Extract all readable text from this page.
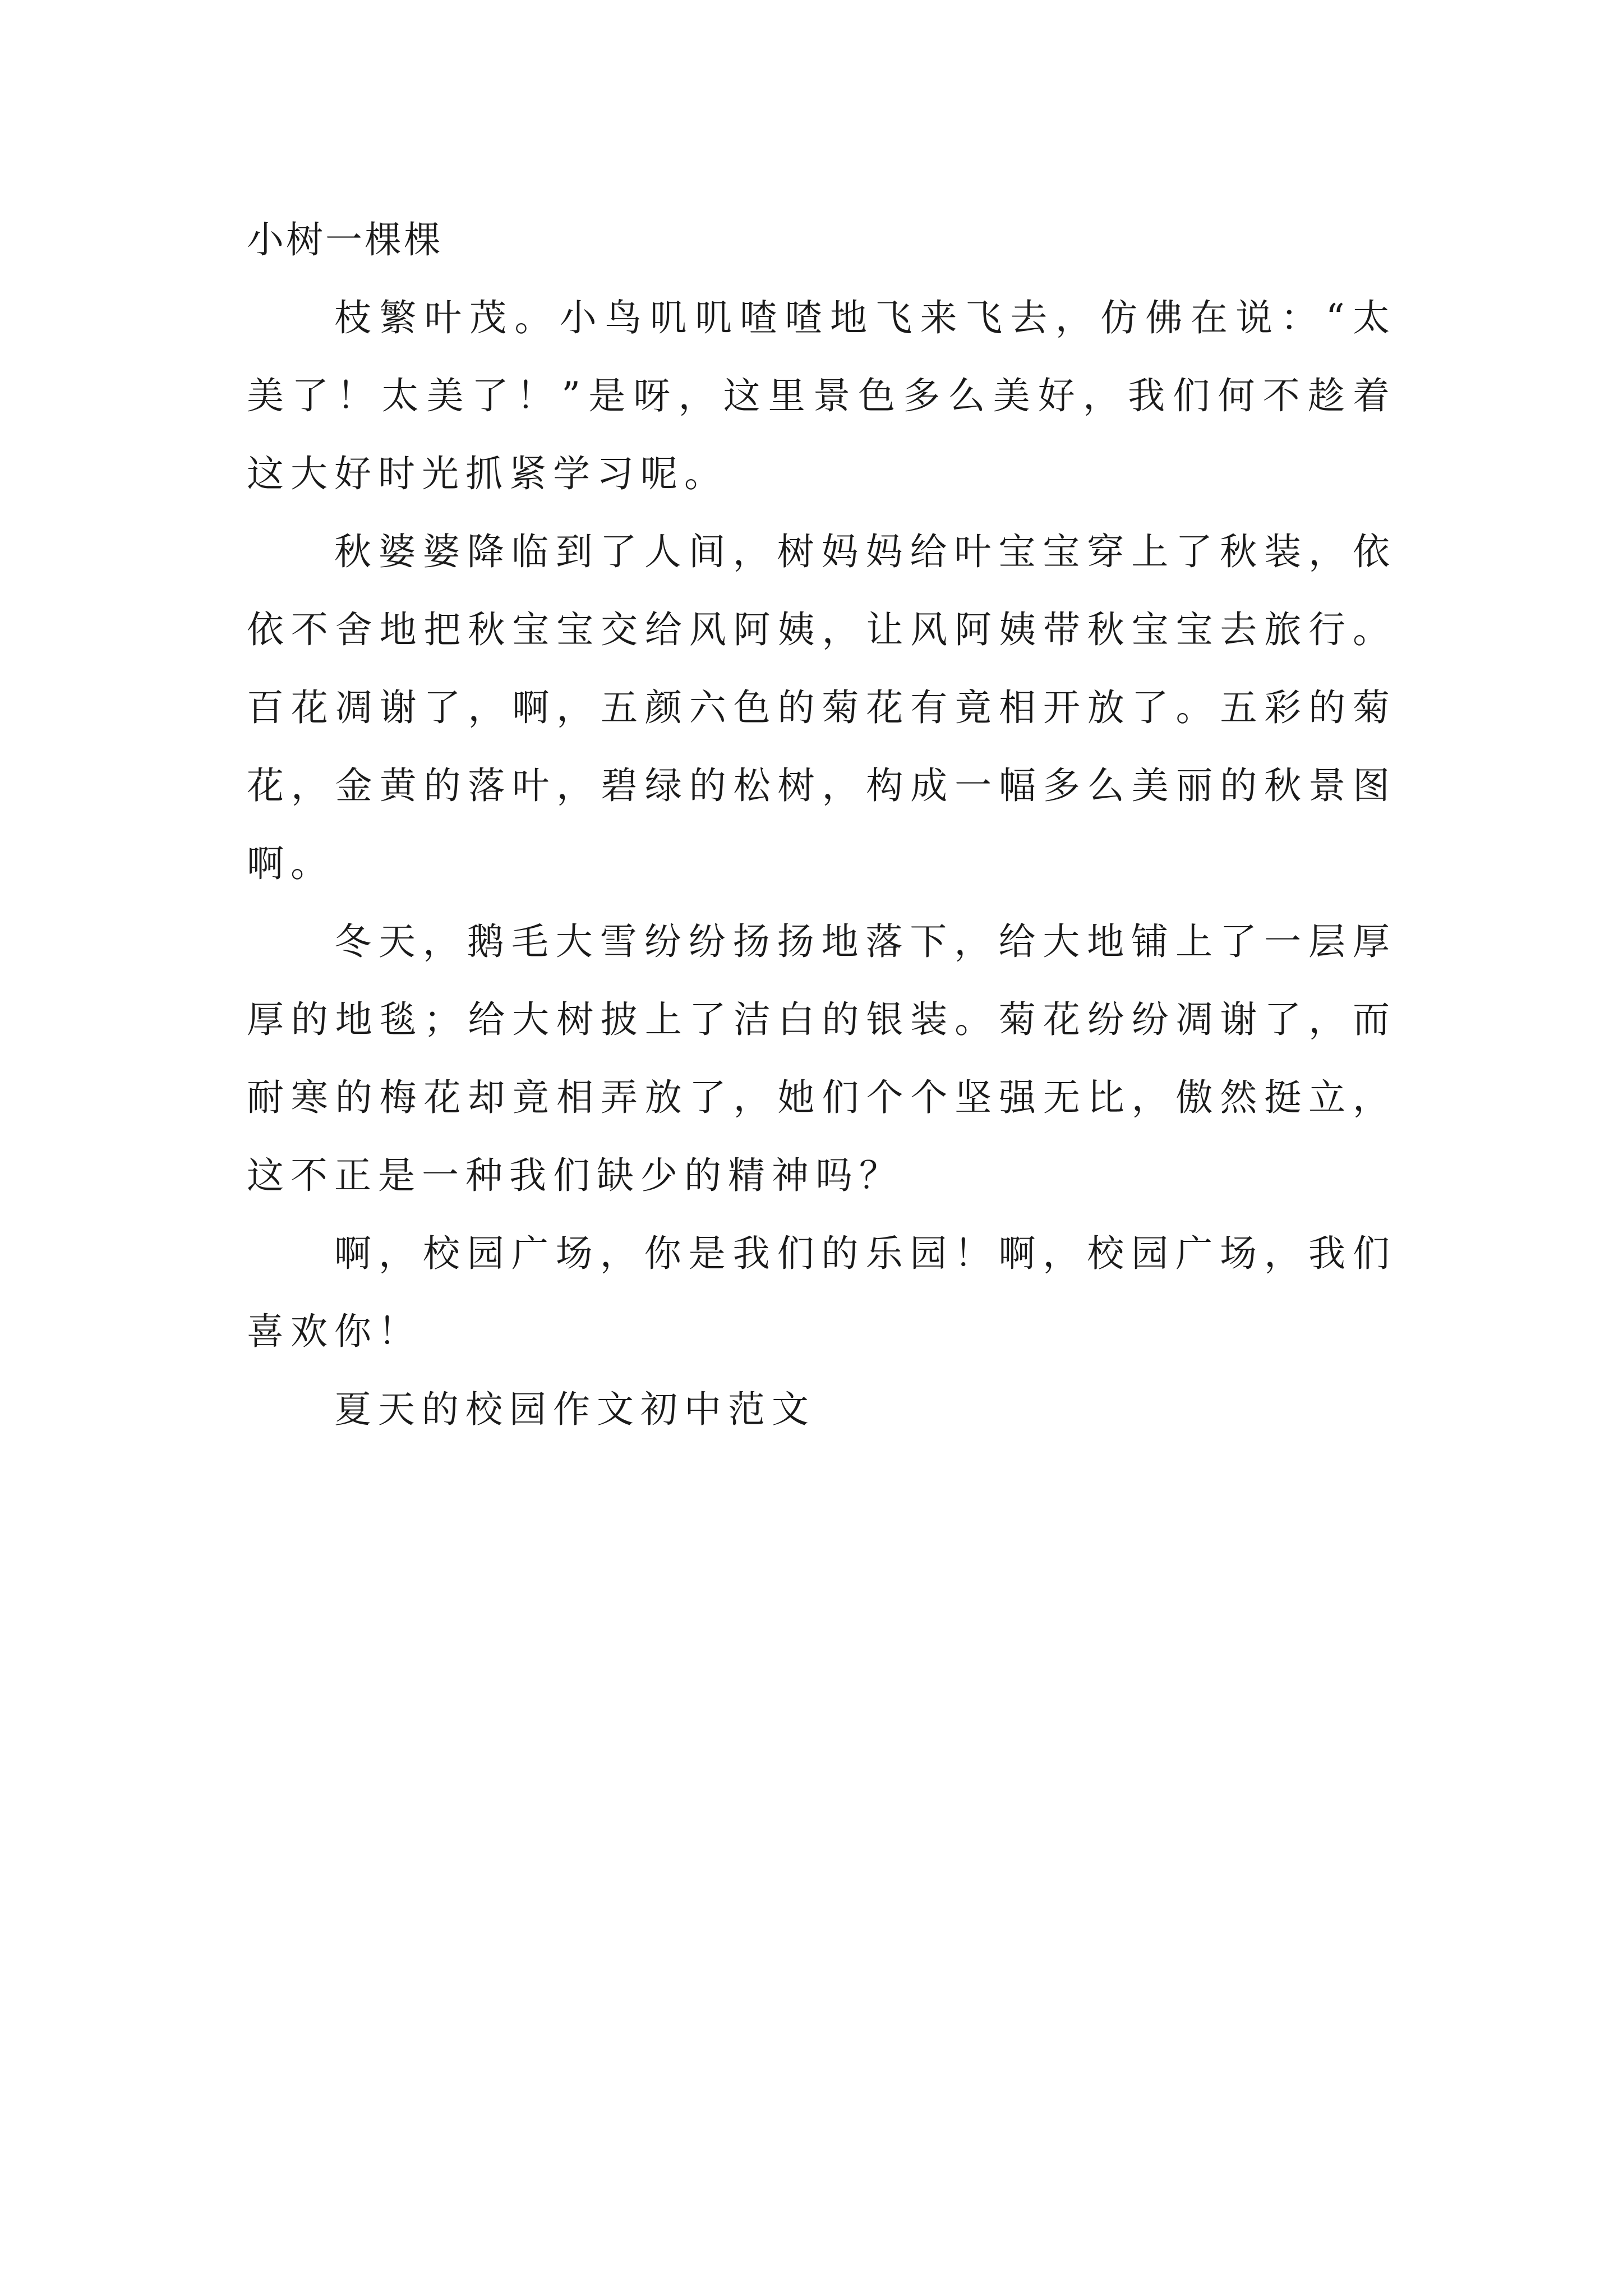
小树一棵棵

枝繁叶茂。小鸟叽叽喳喳地飞来飞去，仿佛在说：“太美了！太美了！”是呀，这里景色多么美好，我们何不趁着这大好时光抓紧学习呢。

秋婆婆降临到了人间，树妈妈给叶宝宝穿上了秋装，依依不舍地把秋宝宝交给风阿姨，让风阿姨带秋宝宝去旅行。百花凋谢了，啊，五颜六色的菊花有竟相开放了。五彩的菊花，金黄的落叶，碧绿的松树，构成一幅多么美丽的秋景图啊。

冬天，鹅毛大雪纷纷扬扬地落下，给大地铺上了一层厚厚的地毯；给大树披上了洁白的银装。菊花纷纷凋谢了，而耐寒的梅花却竟相弄放了，她们个个坚强无比，傲然挺立，这不正是一种我们缺少的精神吗？

啊，校园广场，你是我们的乐园！啊，校园广场，我们喜欢你！

夏天的校园作文初中范文
